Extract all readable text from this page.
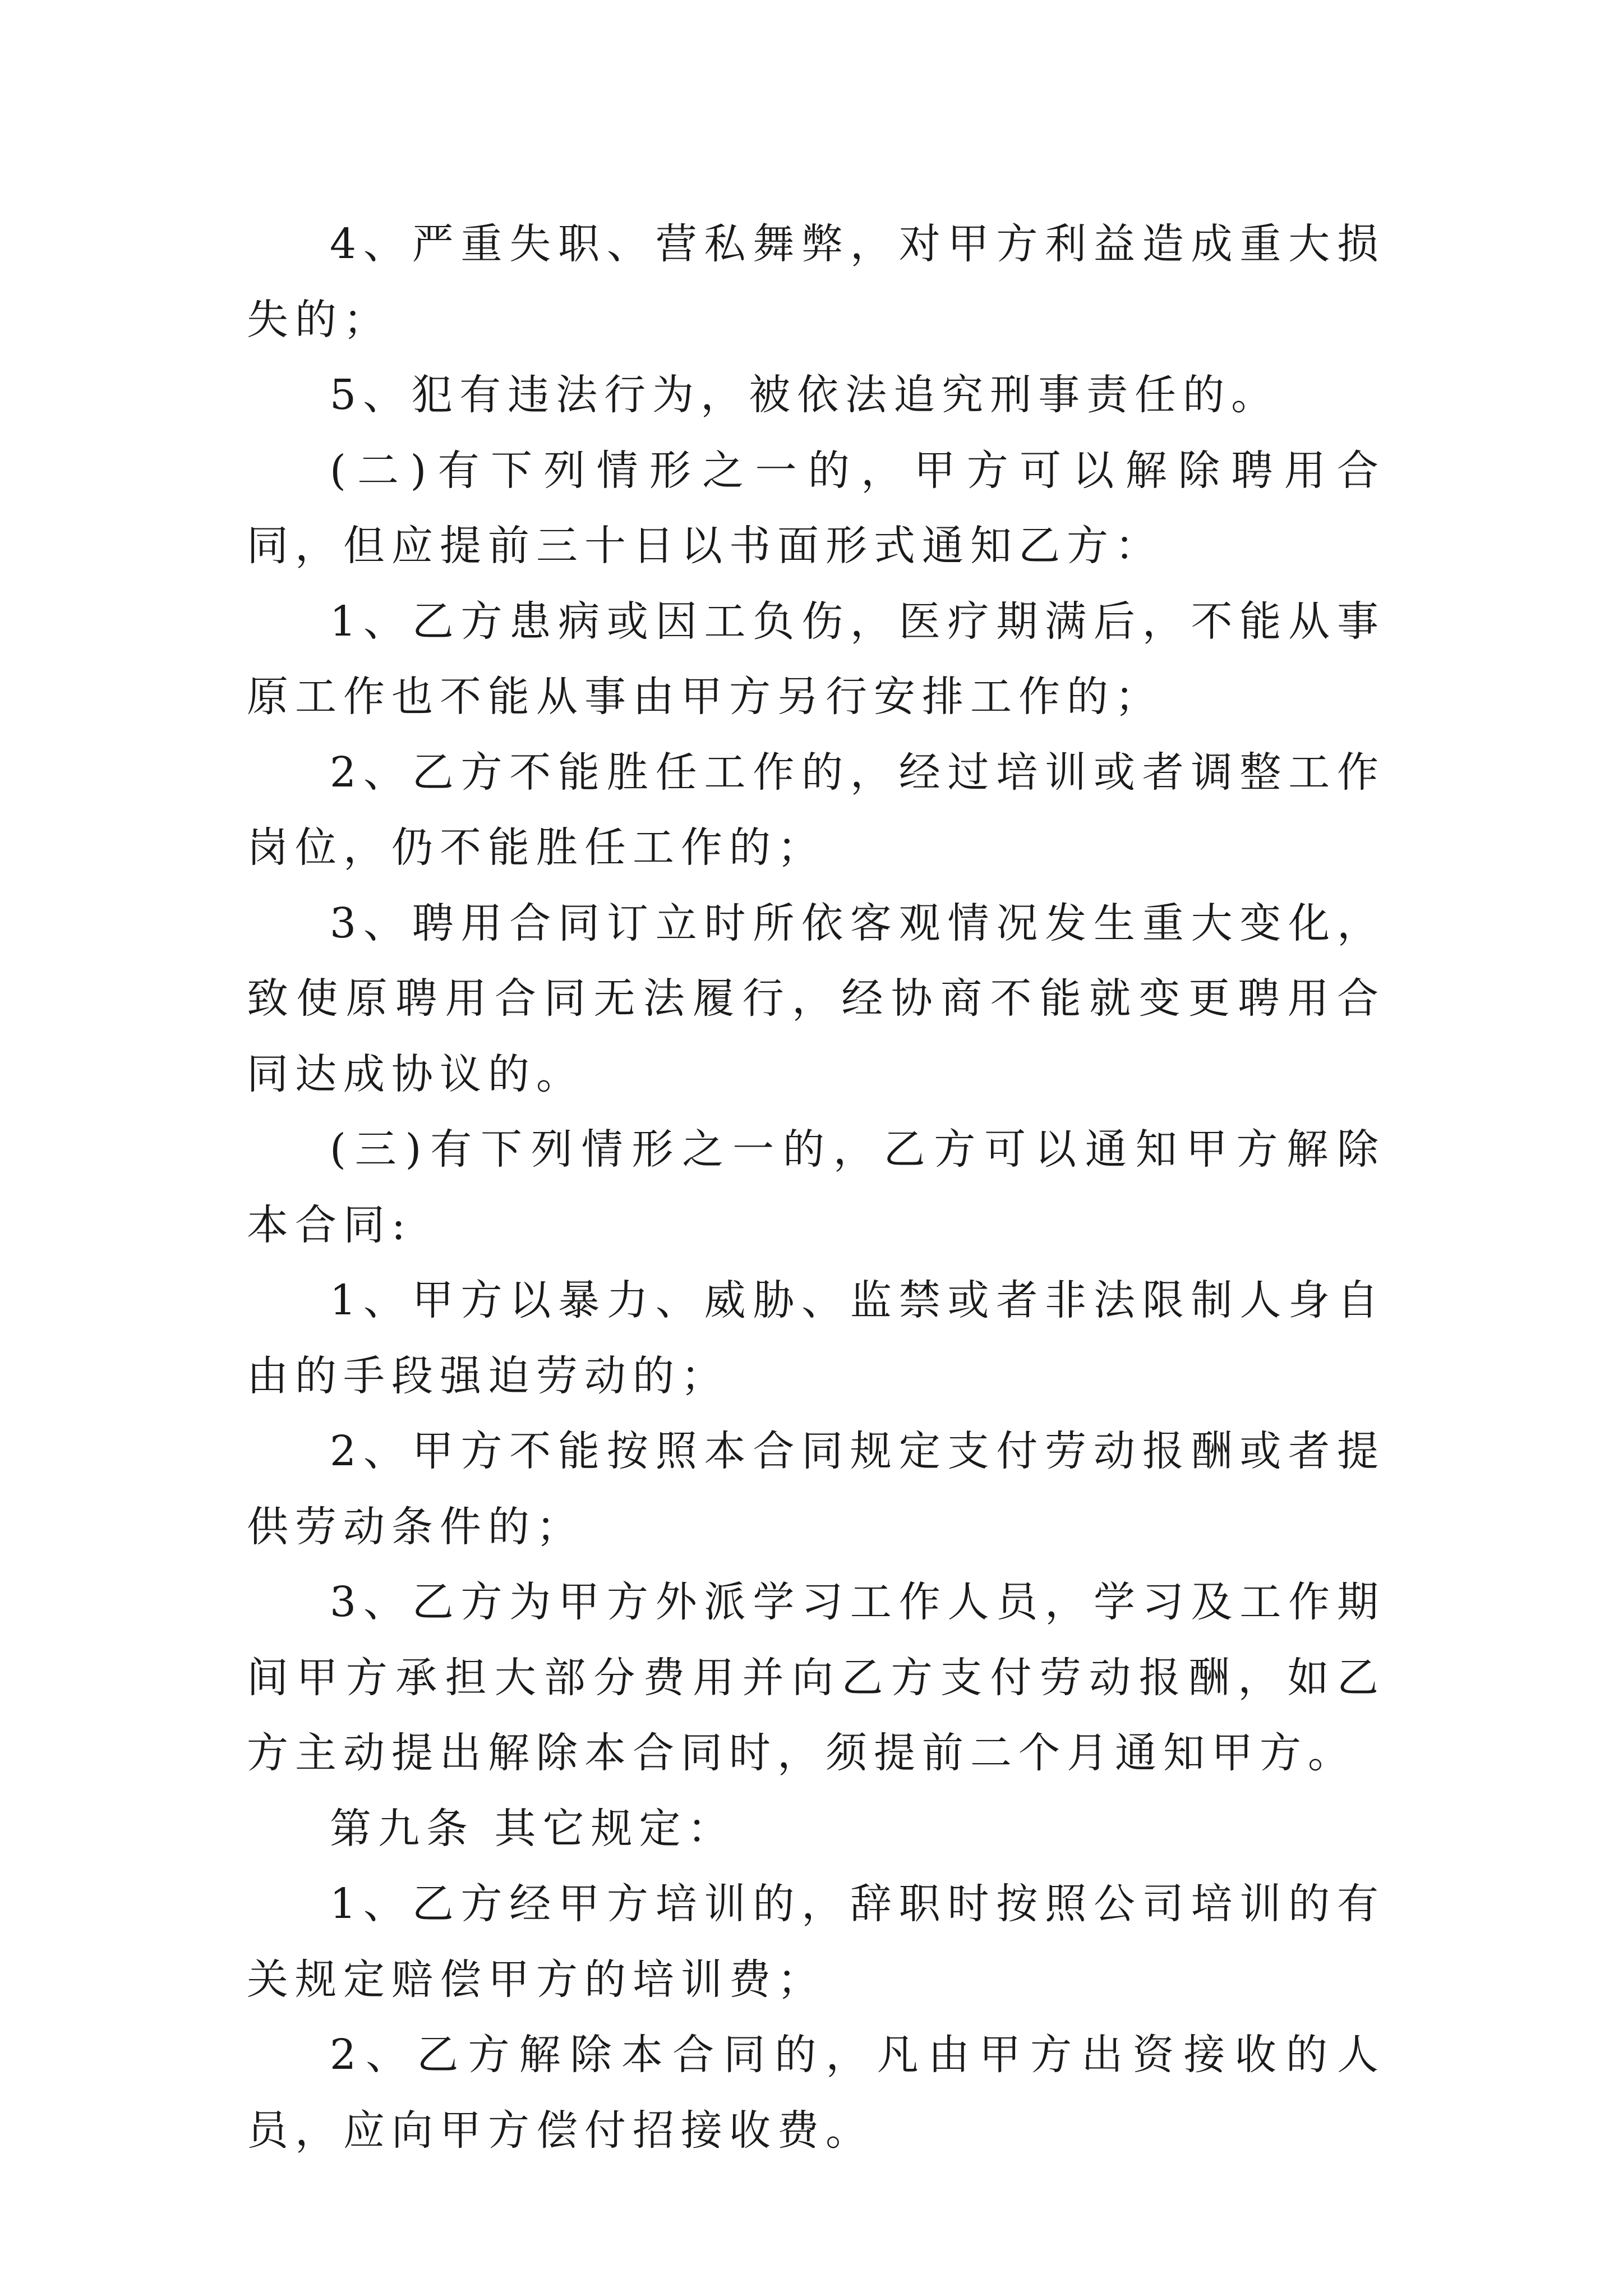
4、严重失职、营私舞弊，对甲方利益造成重大损失的；

5、犯有违法行为，被依法追究刑事责任的。

(二)有下列情形之一的，甲方可以解除聘用合同，但应提前三十日以书面形式通知乙方：

1、乙方患病或因工负伤，医疗期满后，不能从事原工作也不能从事由甲方另行安排工作的；

2、乙方不能胜任工作的，经过培训或者调整工作岗位，仍不能胜任工作的；

3、聘用合同订立时所依客观情况发生重大变化，致使原聘用合同无法履行，经协商不能就变更聘用合同达成协议的。

(三)有下列情形之一的，乙方可以通知甲方解除本合同:

1、甲方以暴力、威胁、监禁或者非法限制人身自由的手段强迫劳动的；

2、甲方不能按照本合同规定支付劳动报酬或者提供劳动条件的；

3、乙方为甲方外派学习工作人员，学习及工作期间甲方承担大部分费用并向乙方支付劳动报酬，如乙方主动提出解除本合同时，须提前二个月通知甲方。

第九条 其它规定：

1、乙方经甲方培训的，辞职时按照公司培训的有关规定赔偿甲方的培训费；

2、乙方解除本合同的，凡由甲方出资接收的人员，应向甲方偿付招接收费。
